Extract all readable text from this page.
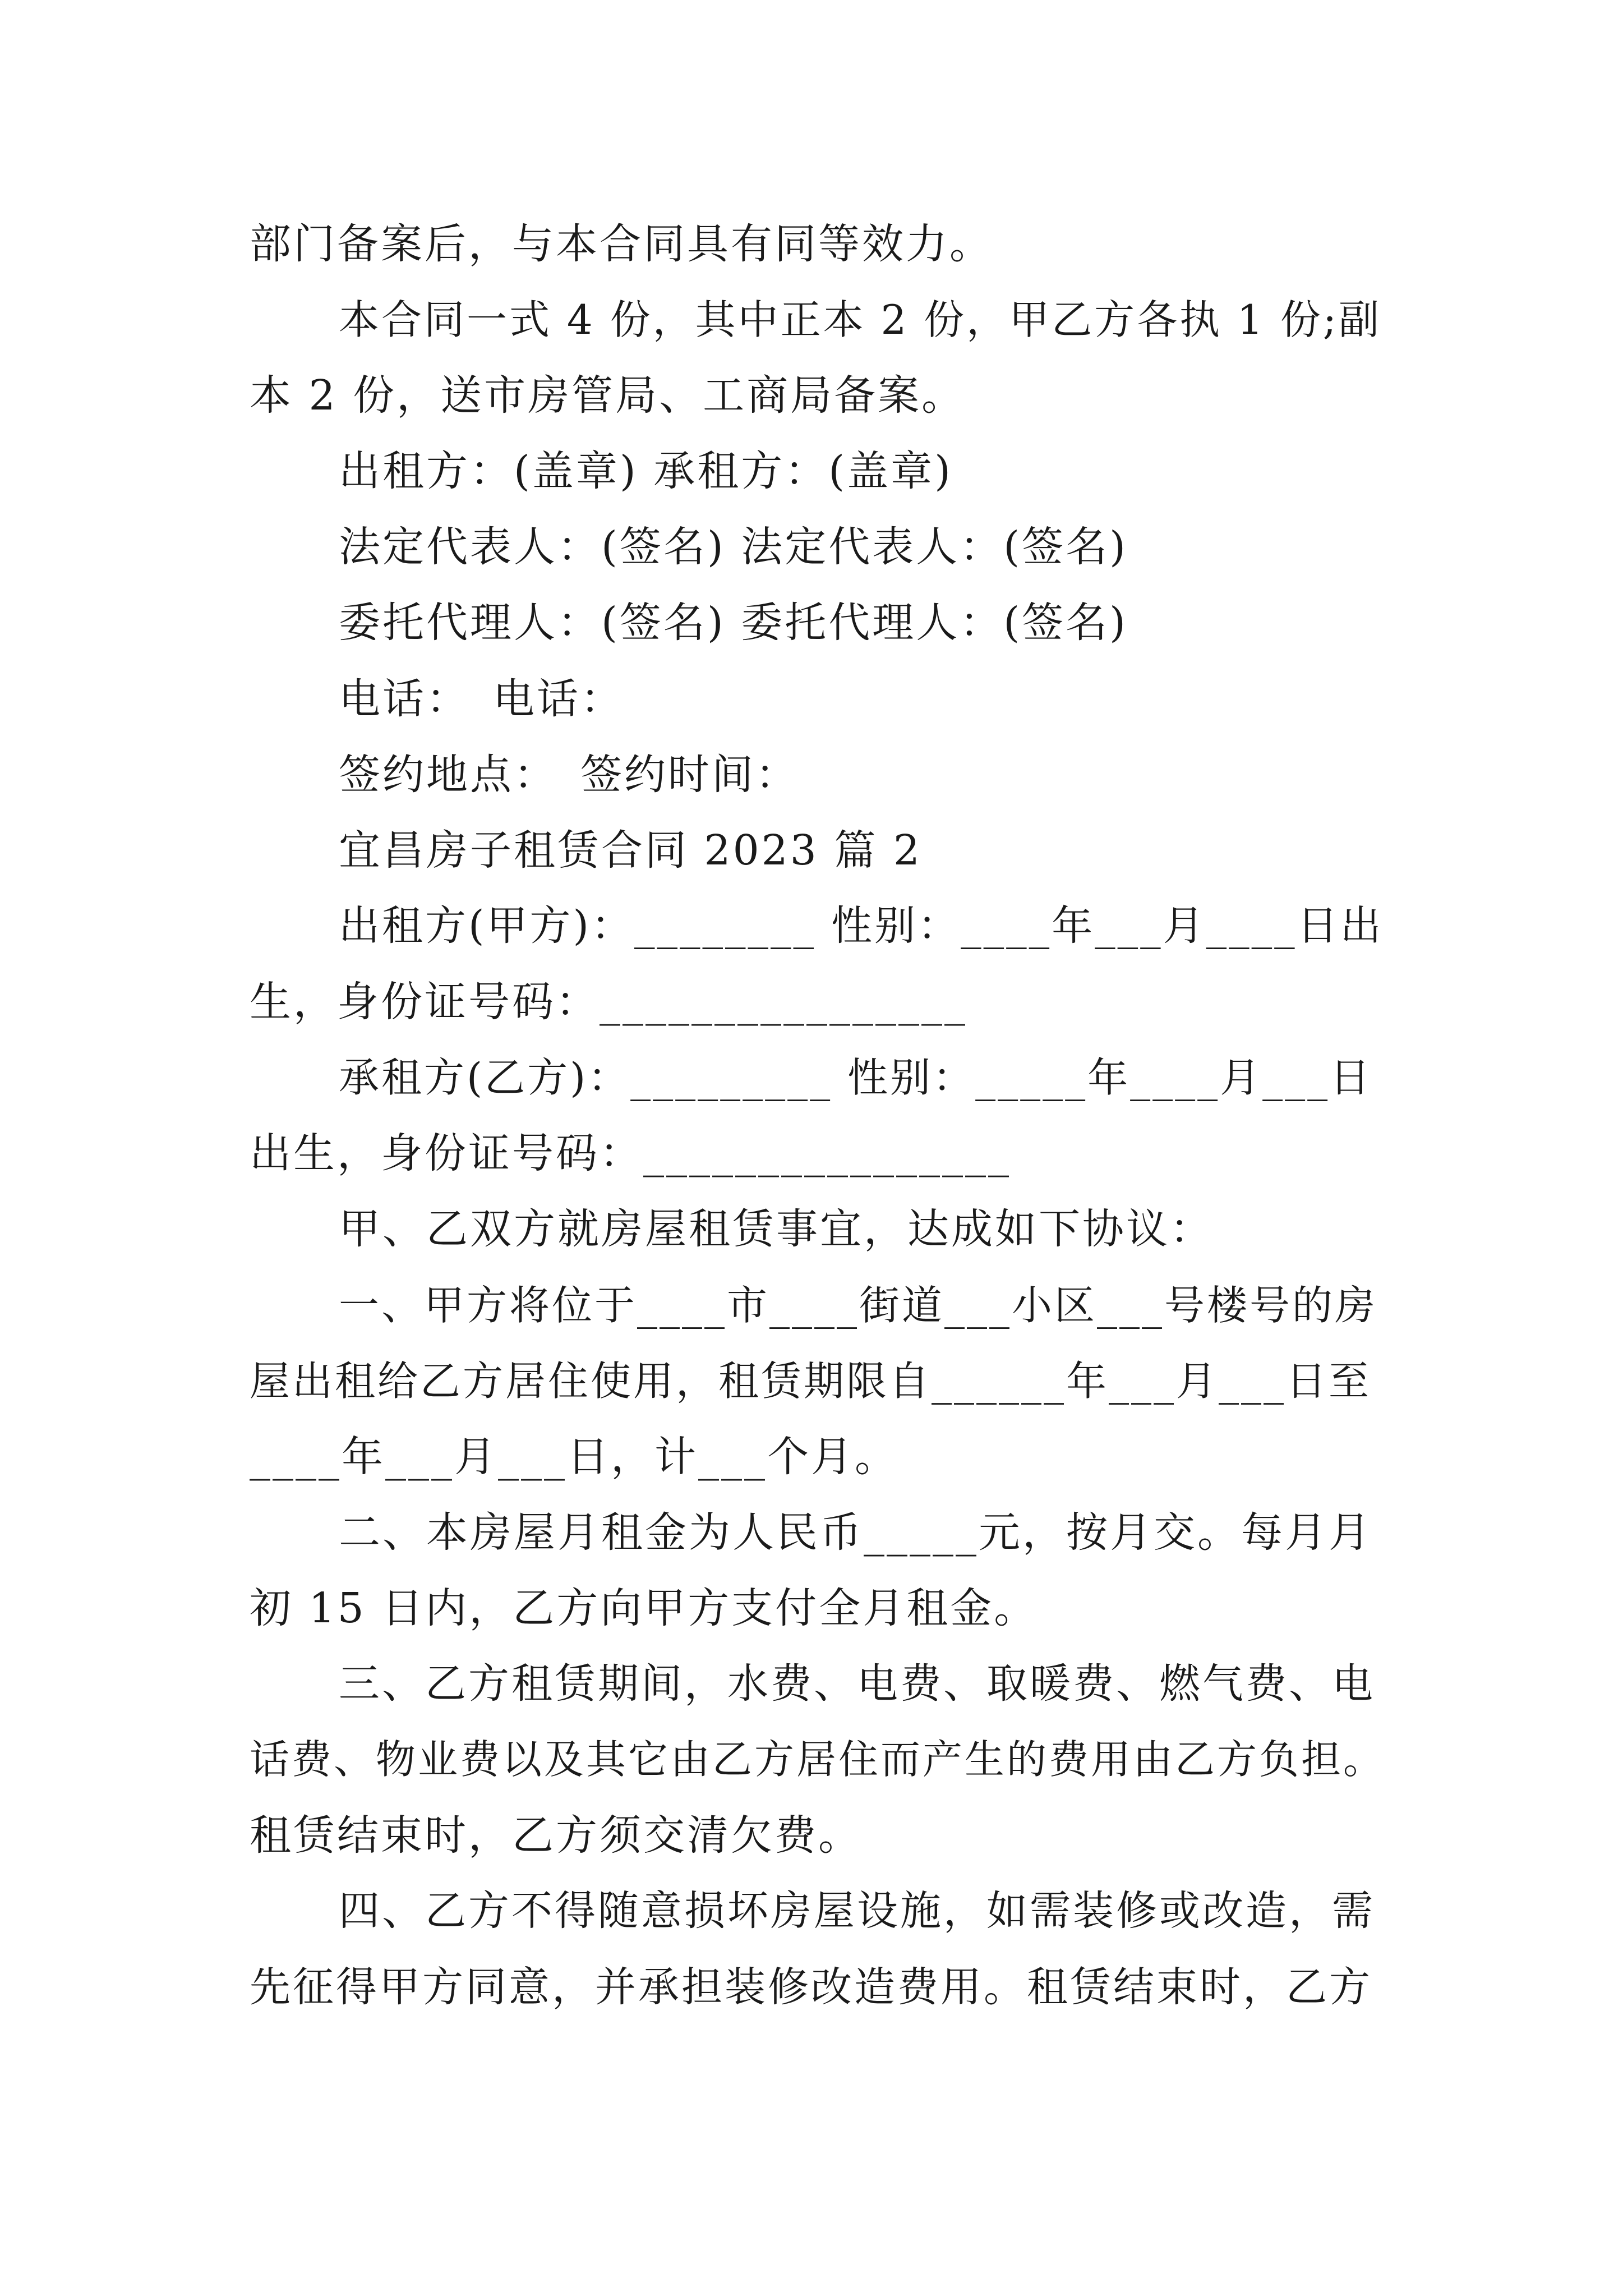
部门备案后，与本合同具有同等效力。
本合同一式 4 份，其中正本 2 份，甲乙方各执 1 份;副
本 2 份，送市房管局、工商局备案。
出租方：(盖章) 承租方：(盖章)
法定代表人：(签名) 法定代表人：(签名)
委托代理人：(签名) 委托代理人：(签名)
电话：　电话：
签约地点：　签约时间：
宜昌房子租赁合同 2023 篇 2
出租方(甲方)：________ 性别：____年___月____日出
生，身份证号码：________________
承租方(乙方)：_________ 性别：_____年____月___日
出生，身份证号码：________________
甲、乙双方就房屋租赁事宜，达成如下协议：
一、甲方将位于____市____街道___小区___号楼号的房
屋出租给乙方居住使用，租赁期限自______年___月___日至
____年___月___日，计___个月。
二、本房屋月租金为人民币_____元，按月交。每月月
初 15 日内，乙方向甲方支付全月租金。
三、乙方租赁期间，水费、电费、取暖费、燃气费、电
话费、物业费以及其它由乙方居住而产生的费用由乙方负担。
租赁结束时，乙方须交清欠费。
四、乙方不得随意损坏房屋设施，如需装修或改造，需
先征得甲方同意，并承担装修改造费用。租赁结束时，乙方
